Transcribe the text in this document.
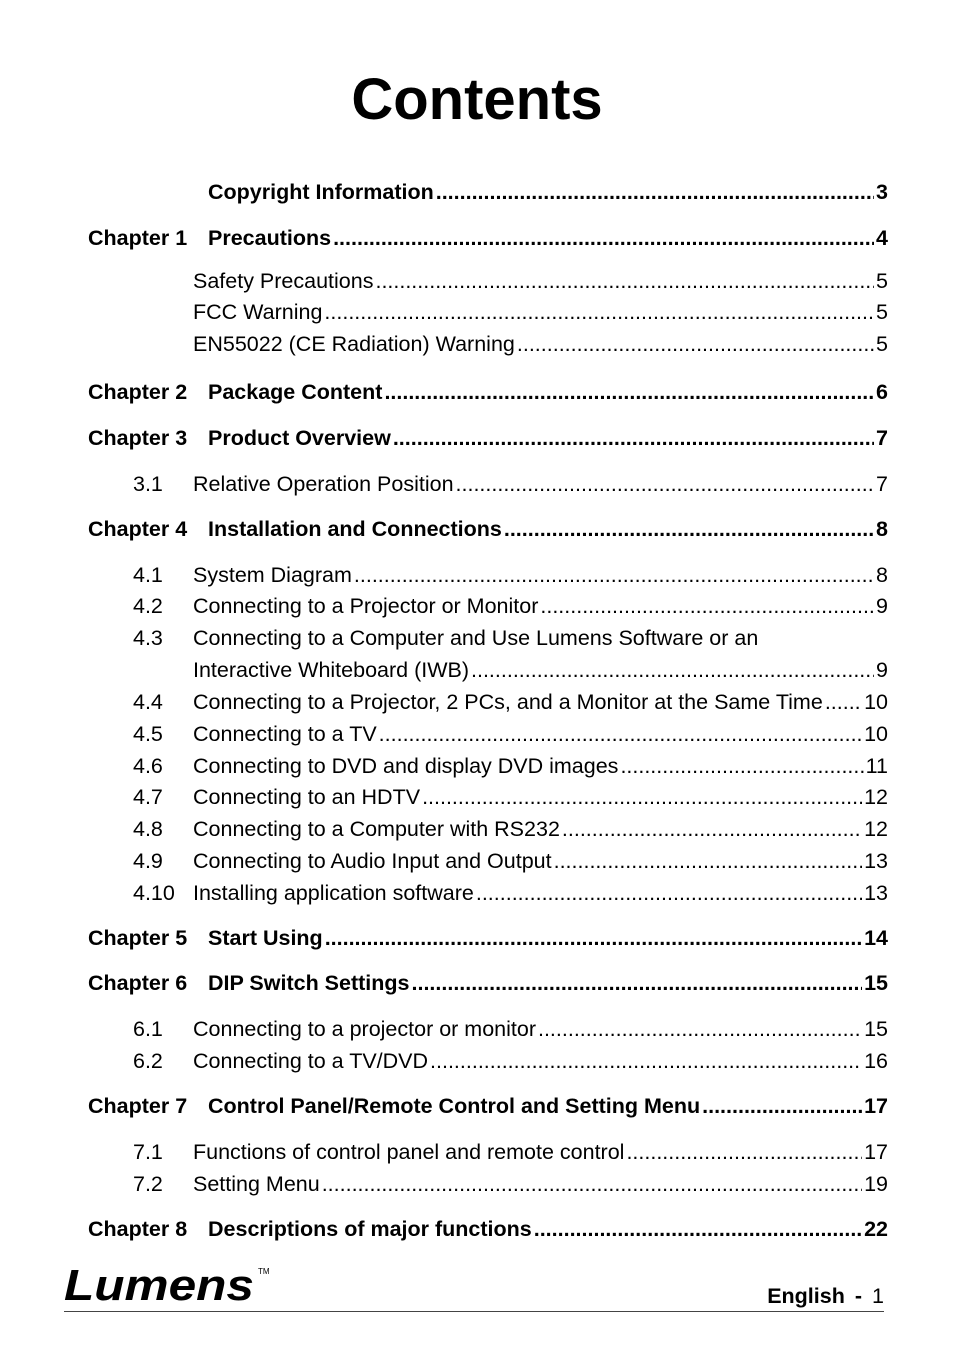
Contents
Copyright Information .....	3
Chapter 1 Precautions .....	4
Safety Precautions .....	5
FCC Warning .....	5
EN55022 (CE Radiation) Warning .....	5
Chapter 2 Package Content .....	6
Chapter 3 Product Overview .....	7
3.1	Relative Operation Position .....	7
Chapter 4 Installation and Connections .....	8
4.1	System Diagram .....	8
4.2	Connecting to a Projector or Monitor .....	9
4.3	Connecting to a Computer and Use Lumens Software or an
Interactive Whiteboard (IWB) .....	9
4.4	Connecting to a Projector, 2 PCs, and a Monitor at the Same Time ..... 10
4.5	Connecting to a TV .....	10
4.6	Connecting to DVD and display DVD images .....	11
4.7	Connecting to an HDTV .....	12
4.8	Connecting to a Computer with RS232 .....	12
4.9	Connecting to Audio Input and Output .....	13
4.10 Installing application software .....	13
Chapter 5 Start Using .....	14
Chapter 6 DIP Switch Settings .....	15
6.1	Connecting to a projector or monitor .....	15
6.2	Connecting to a TV/DVD .....	16
Chapter 7 Control Panel/Remote Control and Setting Menu .....	17
7.1	Functions of control panel and remote control .....	17
7.2	Setting Menu .....	19
Chapter 8 Descriptions of major functions .....	22
Lumens TM
English - 1
